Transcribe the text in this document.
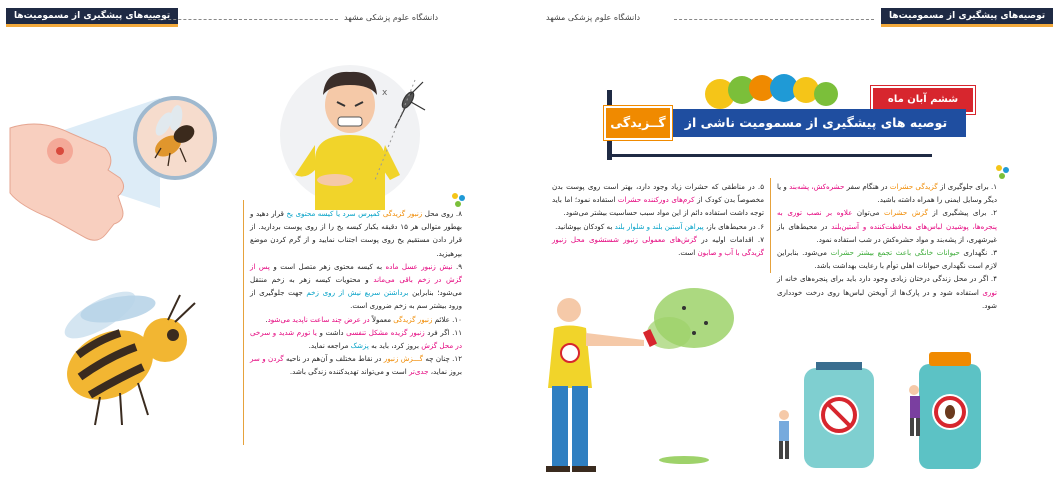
توصیه‌های پیشگیری از مسمومیت‌ها	دانشگاه علوم پزشکی مشهد
x

۸. روی محل زنبور گزیدگی کمپرس سرد یا کیسه محتوی یخ قرار دهید و بهطور متوالی هر ۱۵ دقیقه یکبار کیسه یخ را از روی پوست بردارید. از قرار دادن مستقیم یخ روی پوست اجتناب نمایید و از گرم کردن موضع بپرهیزید.

۹. نیش زنبور عسل ماده به کیسه محتوی زهر متصل است و پس از گزش در زخم باقی می‌ماند و محتویات کیسه زهر به زخم منتقل می‌شود؛ بنابراین برداشتن سریع نیش از روی زخم جهت جلوگیری از ورود بیشتر سم به زخم ضروری است.

۱۰. علائم زنبور گزیدگی معمولاً در عرض چند ساعت ناپدید می‌شود.

۱۱. اگر فرد زنبور گزیده مشکل تنفسی داشت و یا تورم شدید و سرخی در محل گزش بروز کرد، باید به پزشک مراجعه نماید.

۱۲. چنان چه گـــزش زنبور در نقاط مختلف و آن‌هم در ناحیه گردن و سر بروز نماید، جدی‌تر است و می‌تواند تهدیدکننده زندگی باشد.

دانشگاه علوم پزشکی مشهد	توصیه‌های پیشگیری از مسمومیت‌ها
ششم آبان ماه
توصیه های پیشگیری از مسمومیت ناشی از
گــزیدگی

۱. برای جلوگیری از گزیدگی حشرات در هنگام سفر حشره‌کش، پشه‌بند و یا دیگر وسایل ایمنی را همراه داشته باشید.

۲. برای پیشگیری از گزش حشرات می‌توان علاوه بر نصب توری به پنجره‌ها، پوشیدن لباس‌های محافظت‌کننده و آستین‌بلند در محیط‌های باز غیرشهری، از پشه‌بند و مواد حشره‌کش در شب استفاده نمود.

۳. نگهداری حیوانات خانگی باعث تجمع بیشتر حشرات می‌شود. بنابراین لازم است نگهداری حیوانات اهلی توأم با رعایت بهداشت باشد.

۴. اگر در محل زندگی درختان زیادی وجود دارد باید برای پنجره‌های خانه از توری استفاده شود و در پارک‌ها از آویختن لباس‌ها روی درخت خودداری شود.

۵. در مناطقی که حشرات زیاد وجود دارد، بهتر است روی پوست بدن مخصوصاً بدن کودک از کرم‌های دورکننده حشرات استفاده نمود؛ اما باید توجه داشت استفاده دائم از این مواد سبب حساسیت بیشتر می‌شود.

۶. در محیط‌های باز، پیراهن آستین بلند و شلوار بلند به کودکان بپوشانید.

۷. اقدامات اولیه در گزش‌های معمولی زنبور شستشوی محل زنبور گزیدگی با آب و صابون است.
